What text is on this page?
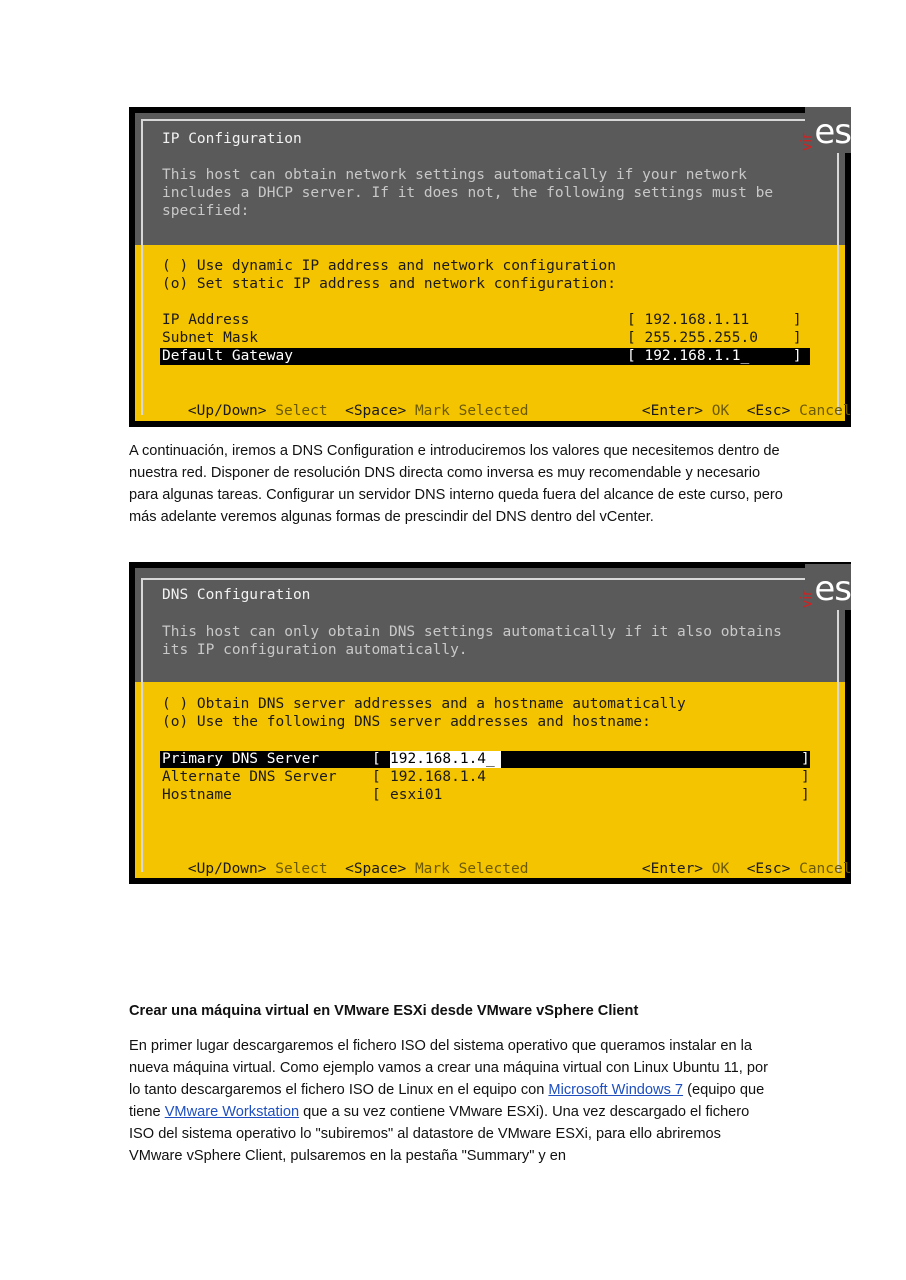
es
vir
IP Configuration
This host can obtain network settings automatically if your network
includes a DHCP server. If it does not, the following settings must be
specified:
( ) Use dynamic IP address and network configuration
(o) Set static IP address and network configuration:
IP Address	[ 192.168.1.11     ]
Subnet Mask	[ 255.255.255.0    ]
Default Gateway	[ 192.168.1.1_     ]

<Up/Down> Select <Space> Mark Selected
	<Enter> OK <Esc> Cancel

A continuación, iremos a DNS Configuration e introduciremos los valores que necesitemos dentro de nuestra red. Disponer de resolución DNS directa como inversa es muy recomendable y necesario para algunas tareas. Configurar un servidor DNS interno queda fuera del alcance de este curso, pero más adelante veremos algunas formas de prescindir del DNS dentro del vCenter.
es
vir
DNS Configuration
This host can only obtain DNS settings automatically if it also obtains
its IP configuration automatically.
( ) Obtain DNS server addresses and a hostname automatically
(o) Use the following DNS server addresses and hostname:
Primary DNS Server	[ 192.168.1.4_	]
Alternate DNS Server [ 192.168.1.4	]
Hostname	[ esxi01	]

<Up/Down> Select <Space> Mark Selected
	<Enter> OK <Esc> Cancel

Crear una máquina virtual en VMware ESXi desde VMware vSphere Client
En primer lugar descargaremos el fichero ISO del sistema operativo que queramos instalar en la nueva máquina virtual. Como ejemplo vamos a crear una máquina virtual con Linux Ubuntu 11, por lo tanto descargaremos el fichero ISO de Linux en el equipo con Microsoft Windows 7 (equipo que tiene VMware Workstation que a su vez contiene VMware ESXi). Una vez descargado el fichero ISO del sistema operativo lo "subiremos" al datastore de VMware ESXi, para ello abriremos VMware vSphere Client, pulsaremos en la pestaña "Summary" y en
